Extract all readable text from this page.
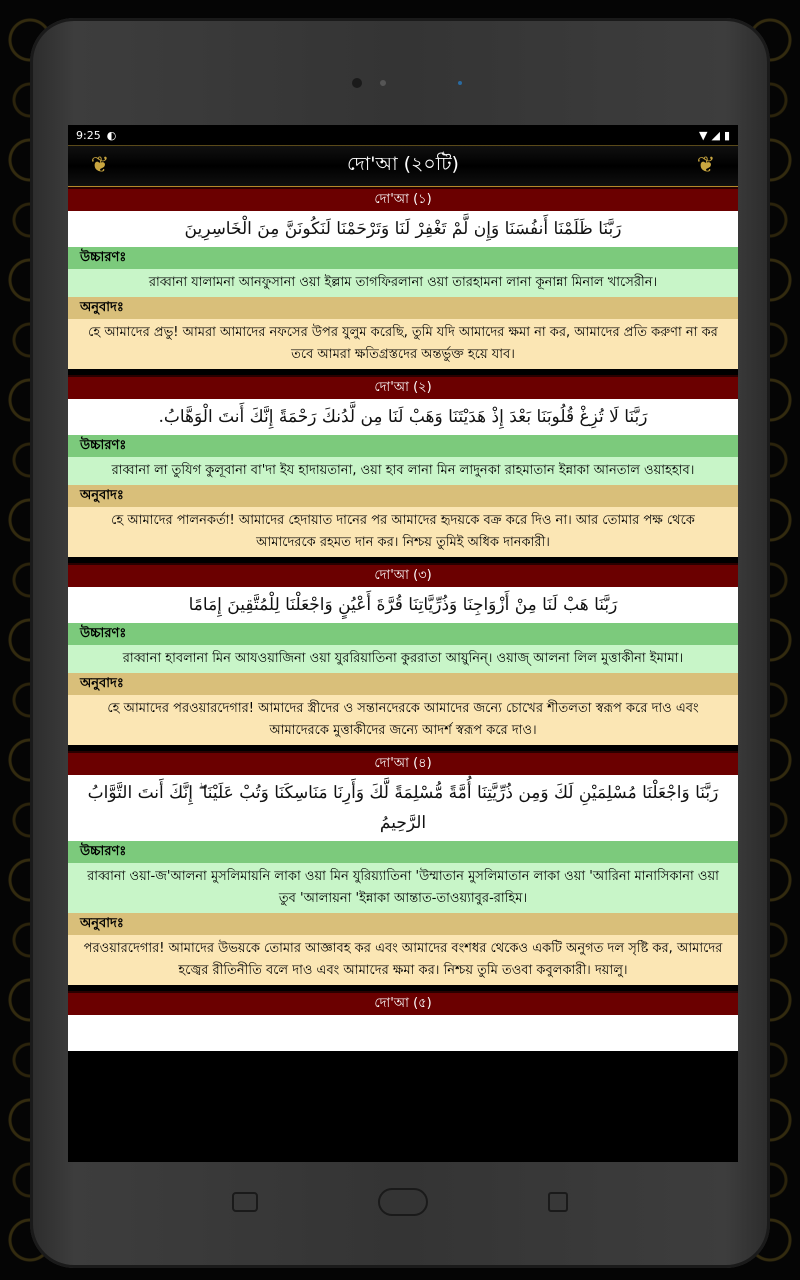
9:25 ◐	▼ ◢ ▮
❦	দো'আ (২০টি)	❦
দো'আ (১)
رَبَّنَا ظَلَمْنَا أَنفُسَنَا وَإِن لَّمْ تَغْفِرْ لَنَا وَتَرْحَمْنَا لَنَكُونَنَّ مِنَ الْخَاسِرِينَ
উচ্চারণঃ
রাব্বানা যালামনা আনফুসানা ওয়া ইল্লাম তাগফিরলানা ওয়া তারহামনা লানা কূনান্না মিনাল খাসেরীন।
অনুবাদঃ
হে আমাদের প্রভু! আমরা আমাদের নফসের উপর যুলুম করেছি, তুমি যদি আমাদের ক্ষমা না কর, আমাদের প্রতি করুণা না কর তবে আমরা ক্ষতিগ্রস্তদের অন্তর্ভুক্ত হয়ে যাব।
দো'আ (২)
رَبَّنَا لَا تُزِغْ قُلُوبَنَا بَعْدَ إِذْ هَدَيْتَنَا وَهَبْ لَنَا مِن لَّدُنكَ رَحْمَةً إِنَّكَ أَنتَ الْوَهَّابُ.
উচ্চারণঃ
রাব্বানা লা তুযিগ কুলূবানা বা'দা ইয হাদায়তানা, ওয়া হাব লানা মিন লাদুনকা রাহমাতান ইন্নাকা আনতাল ওয়াহহাব।
অনুবাদঃ
হে আমাদের পালনকর্তা! আমাদের হেদায়াত দানের পর আমাদের হৃদয়কে বক্র করে দিও না। আর তোমার পক্ষ থেকে আমাদেরকে রহমত দান কর। নিশ্চয় তুমিই অধিক দানকারী।
দো'আ (৩)
رَبَّنَا هَبْ لَنَا مِنْ أَزْوَاجِنَا وَذُرِّيَّاتِنَا قُرَّةَ أَعْيُنٍ وَاجْعَلْنَا لِلْمُتَّقِينَ إِمَامًا
উচ্চারণঃ
রাব্বানা হাবলানা মিন আযওয়াজিনা ওয়া যুররিয়াতিনা কুররাতা আয়ুনিন্। ওয়াজ্ আলনা লিল মুত্তাকীনা ইমামা।
অনুবাদঃ
হে আমাদের পরওয়ারদেগার! আমাদের স্ত্রীদের ও সন্তানদেরকে আমাদের জন্যে চোখের শীতলতা স্বরূপ করে দাও এবং আমাদেরকে মুত্তাকীদের জন্যে আদর্শ স্বরূপ করে দাও।
দো'আ (৪)
رَبَّنَا وَاجْعَلْنَا مُسْلِمَيْنِ لَكَ وَمِن ذُرِّيَّتِنَا أُمَّةً مُّسْلِمَةً لَّكَ وَأَرِنَا مَنَاسِكَنَا وَتُبْ عَلَيْنَا ۖ إِنَّكَ أَنتَ التَّوَّابُ الرَّحِيمُ
উচ্চারণঃ
রাব্বানা ওয়া-জ'আলনা মুসলিমায়নি লাকা ওয়া মিন যুরিয়্যাতিনা 'উম্মাতান মুসলিমাতান লাকা ওয়া 'আরিনা মানাসিকানা ওয়া তুব 'আলায়না 'ইন্নাকা আন্তাত-তাওয়্যাবুর-রাহিম।
অনুবাদঃ
পরওয়ারদেগার! আমাদের উভয়কে তোমার আজ্ঞাবহ কর এবং আমাদের বংশধর থেকেও একটি অনুগত দল সৃষ্টি কর, আমাদের হজ্বের রীতিনীতি বলে দাও এবং আমাদের ক্ষমা কর। নিশ্চয় তুমি তওবা কবুলকারী। দয়ালু।
দো'আ (৫)
